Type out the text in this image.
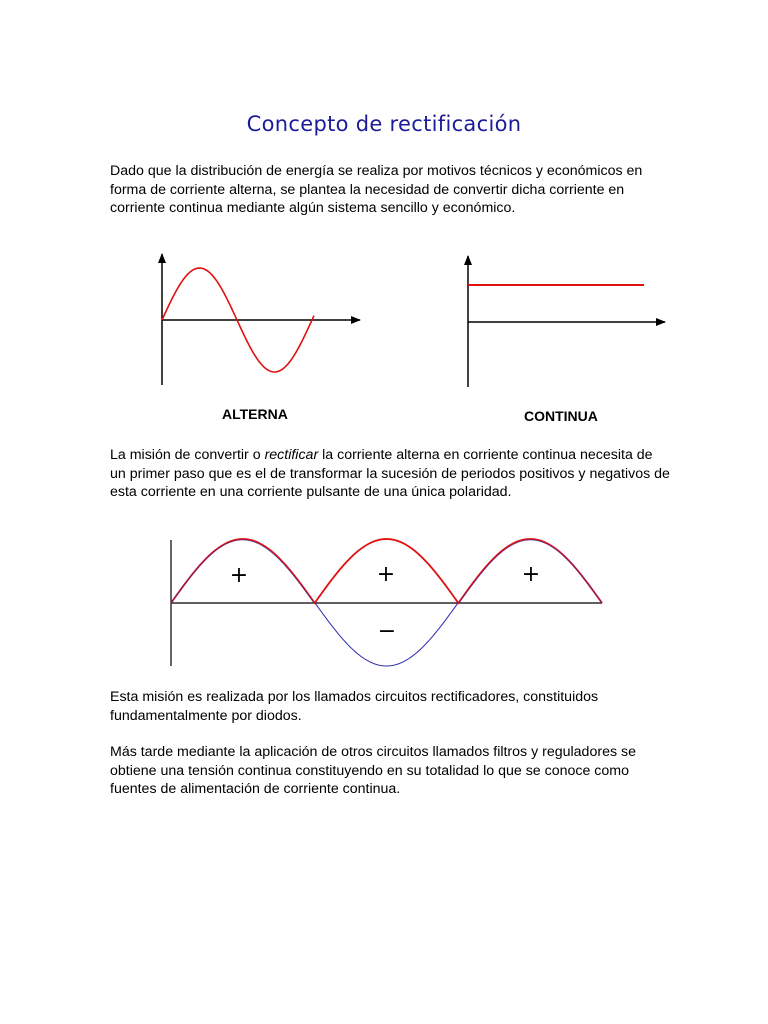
Concepto de rectificación
Dado que la distribución de energía se realiza por motivos técnicos y económicos en forma de corriente alterna, se plantea la necesidad de convertir dicha corriente en corriente continua mediante algún sistema sencillo y económico.
+	+	+
−
ALTERNA	CONTINUA
La misión de convertir o rectificar la corriente alterna en corriente continua necesita de un primer paso que es el de transformar la sucesión de periodos positivos y negativos de esta corriente en una corriente pulsante de una única polaridad.
Esta misión es realizada por los llamados circuitos rectificadores, constituidos fundamentalmente por diodos.
Más tarde mediante la aplicación de otros circuitos llamados filtros y reguladores se obtiene una tensión continua constituyendo en su totalidad lo que se conoce como fuentes de alimentación de corriente continua.
